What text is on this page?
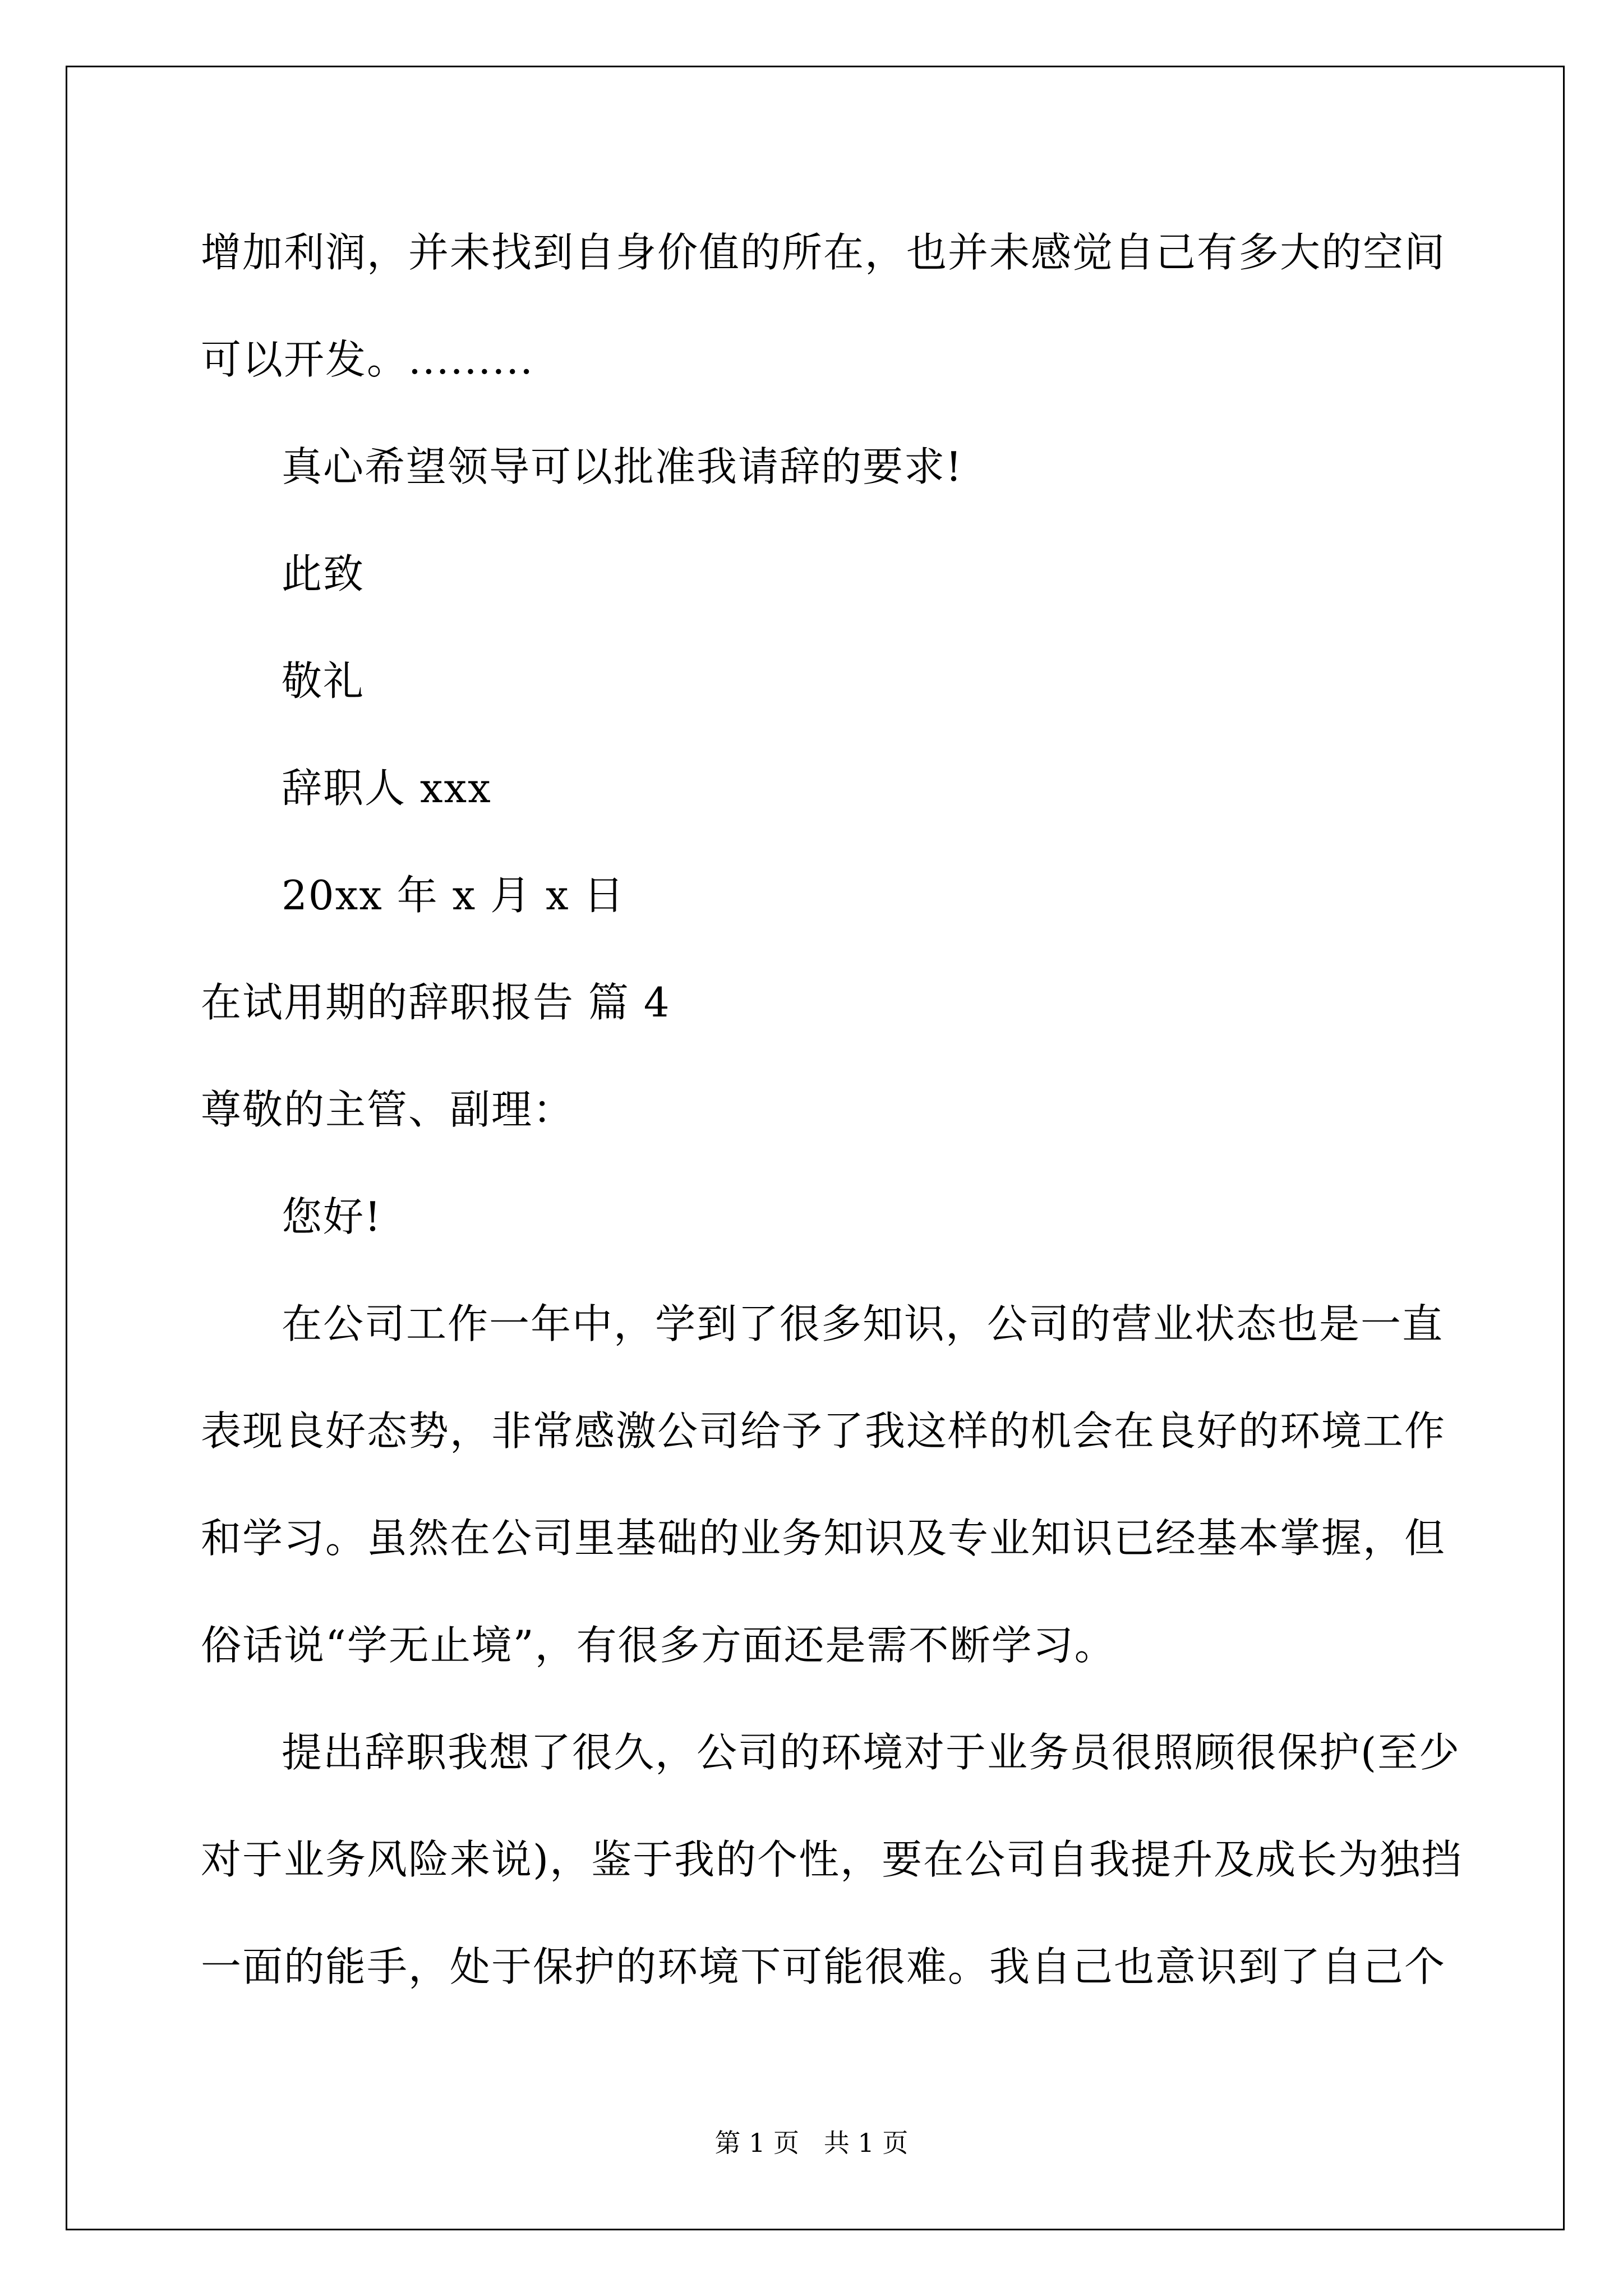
增加利润，并未找到自身价值的所在，也并未感觉自己有多大的空间
可以开发。.........
真心希望领导可以批准我请辞的要求!
此致
敬礼
辞职人 xxx
20xx 年 x 月 x 日
在试用期的辞职报告 篇 4
尊敬的主管、副理：
您好!
在公司工作一年中，学到了很多知识，公司的营业状态也是一直
表现良好态势，非常感激公司给予了我这样的机会在良好的环境工作
和学习。虽然在公司里基础的业务知识及专业知识已经基本掌握，但
俗话说“学无止境”，有很多方面还是需不断学习。
提出辞职我想了很久，公司的环境对于业务员很照顾很保护(至少
对于业务风险来说)，鉴于我的个性，要在公司自我提升及成长为独挡
一面的能手，处于保护的环境下可能很难。我自己也意识到了自己个
第 1 页   共 1 页
